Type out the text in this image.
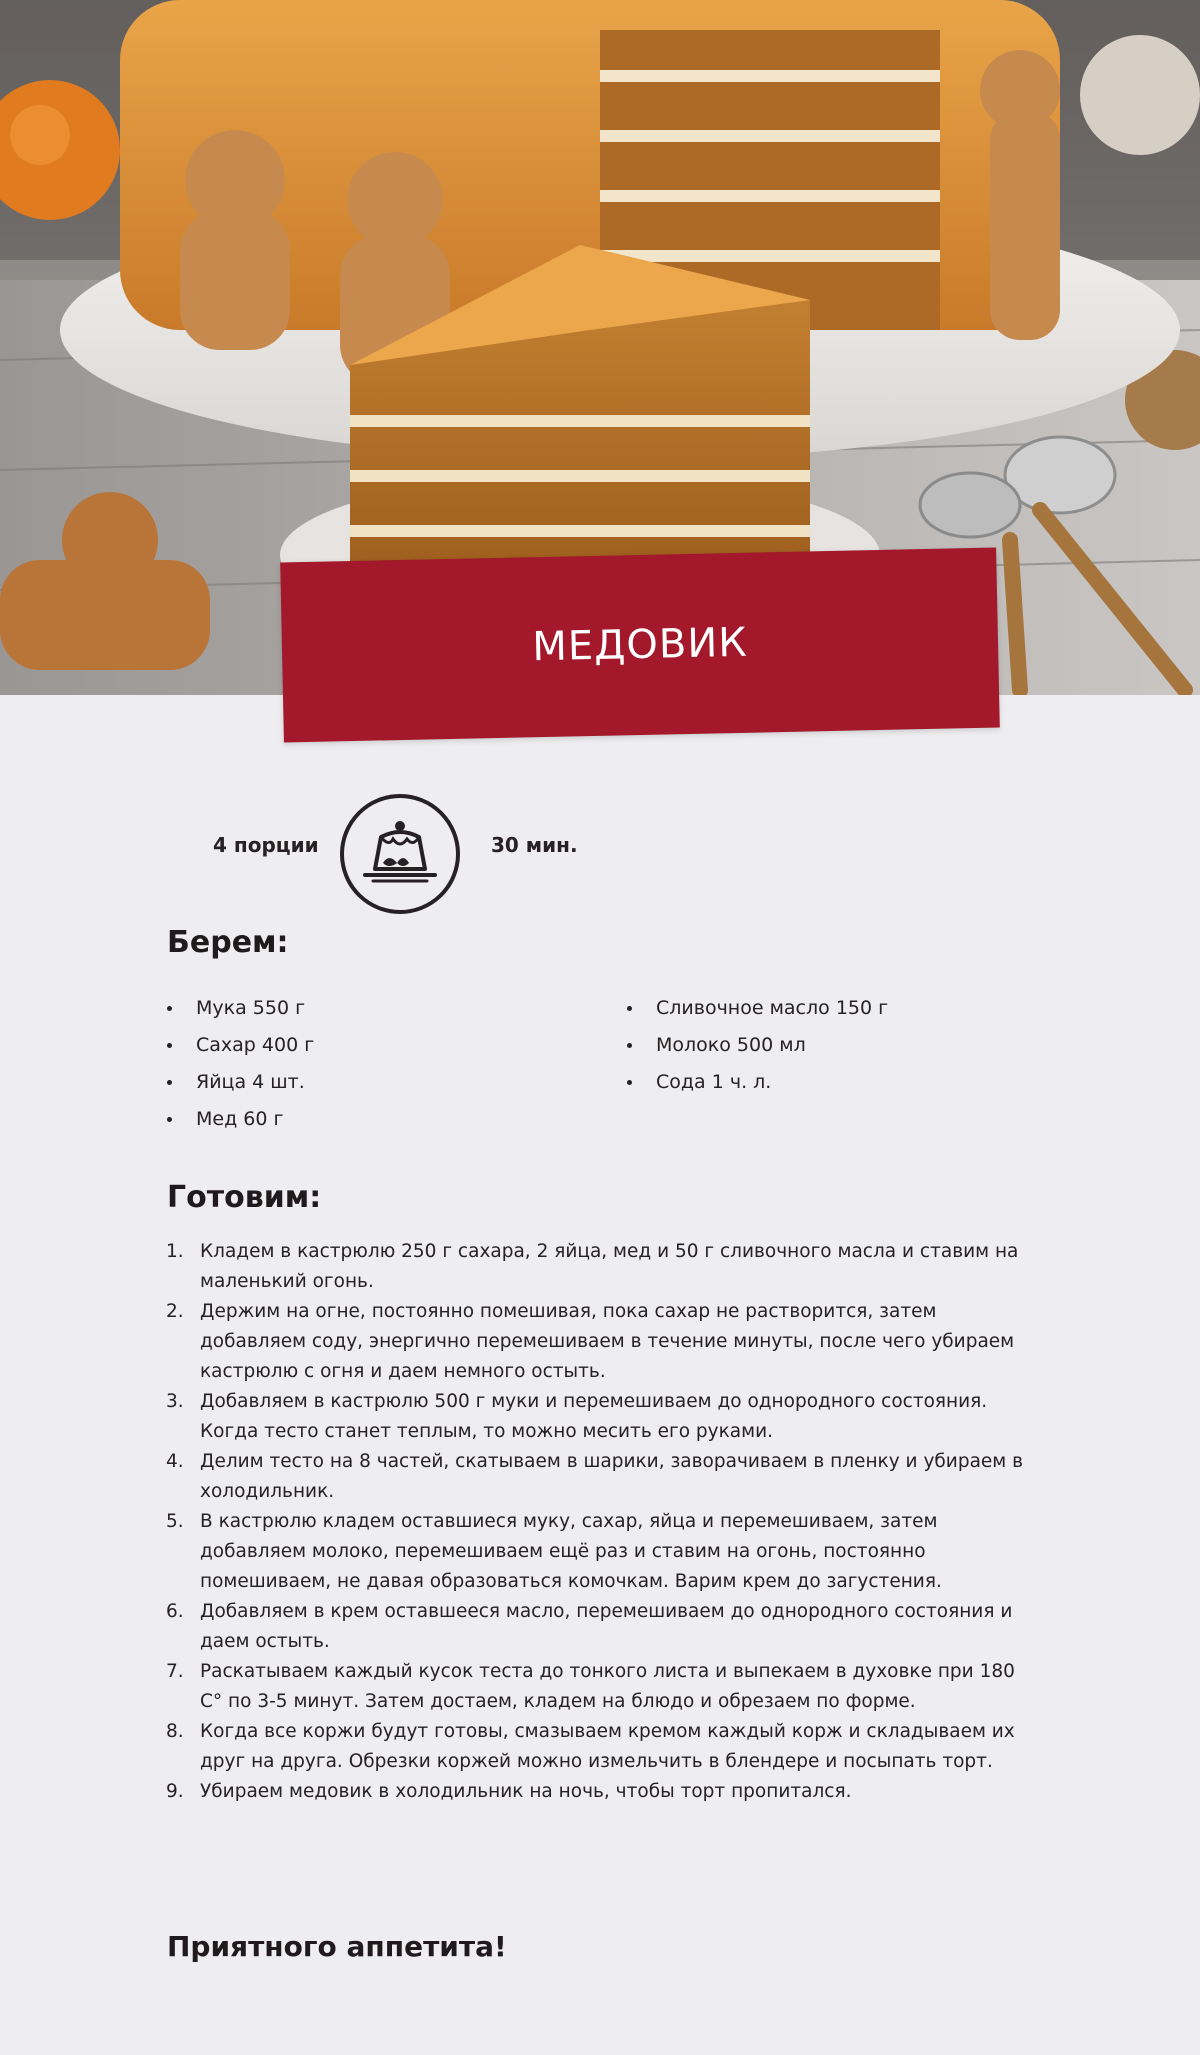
МЕДОВИК
4 порции	30 мин.
Берем:
Мука 550 г
Сахар 400 г
Яйца 4 шт.
Мед 60 г
Сливочное масло 150 г
Молоко 500 мл
Сода 1 ч. л.
Готовим:
1. Кладем в кастрюлю 250 г сахара, 2 яйца, мед и 50 г сливочного масла и ставим на маленький огонь.
2. Держим на огне, постоянно помешивая, пока сахар не растворится, затем добавляем соду, энергично перемешиваем в течение минуты, после чего убираем кастрюлю с огня и даем немного остыть.
3. Добавляем в кастрюлю 500 г муки и перемешиваем до однородного состояния. Когда тесто станет теплым, то можно месить его руками.
4. Делим тесто на 8 частей, скатываем в шарики, заворачиваем в пленку и убираем в холодильник.
5. В кастрюлю кладем оставшиеся муку, сахар, яйца и перемешиваем, затем добавляем молоко, перемешиваем ещё раз и ставим на огонь, постоянно помешиваем, не давая образоваться комочкам. Варим крем до загустения.
6. Добавляем в крем оставшееся масло, перемешиваем до однородного состояния и даем остыть.
7. Раскатываем каждый кусок теста до тонкого листа и выпекаем в духовке при 180 С° по 3-5 минут. Затем достаем, кладем на блюдо и обрезаем по форме.
8. Когда все коржи будут готовы, смазываем кремом каждый корж и складываем их друг на друга. Обрезки коржей можно измельчить в блендере и посыпать торт.
9. Убираем медовик в холодильник на ночь, чтобы торт пропитался.
Приятного аппетита!
